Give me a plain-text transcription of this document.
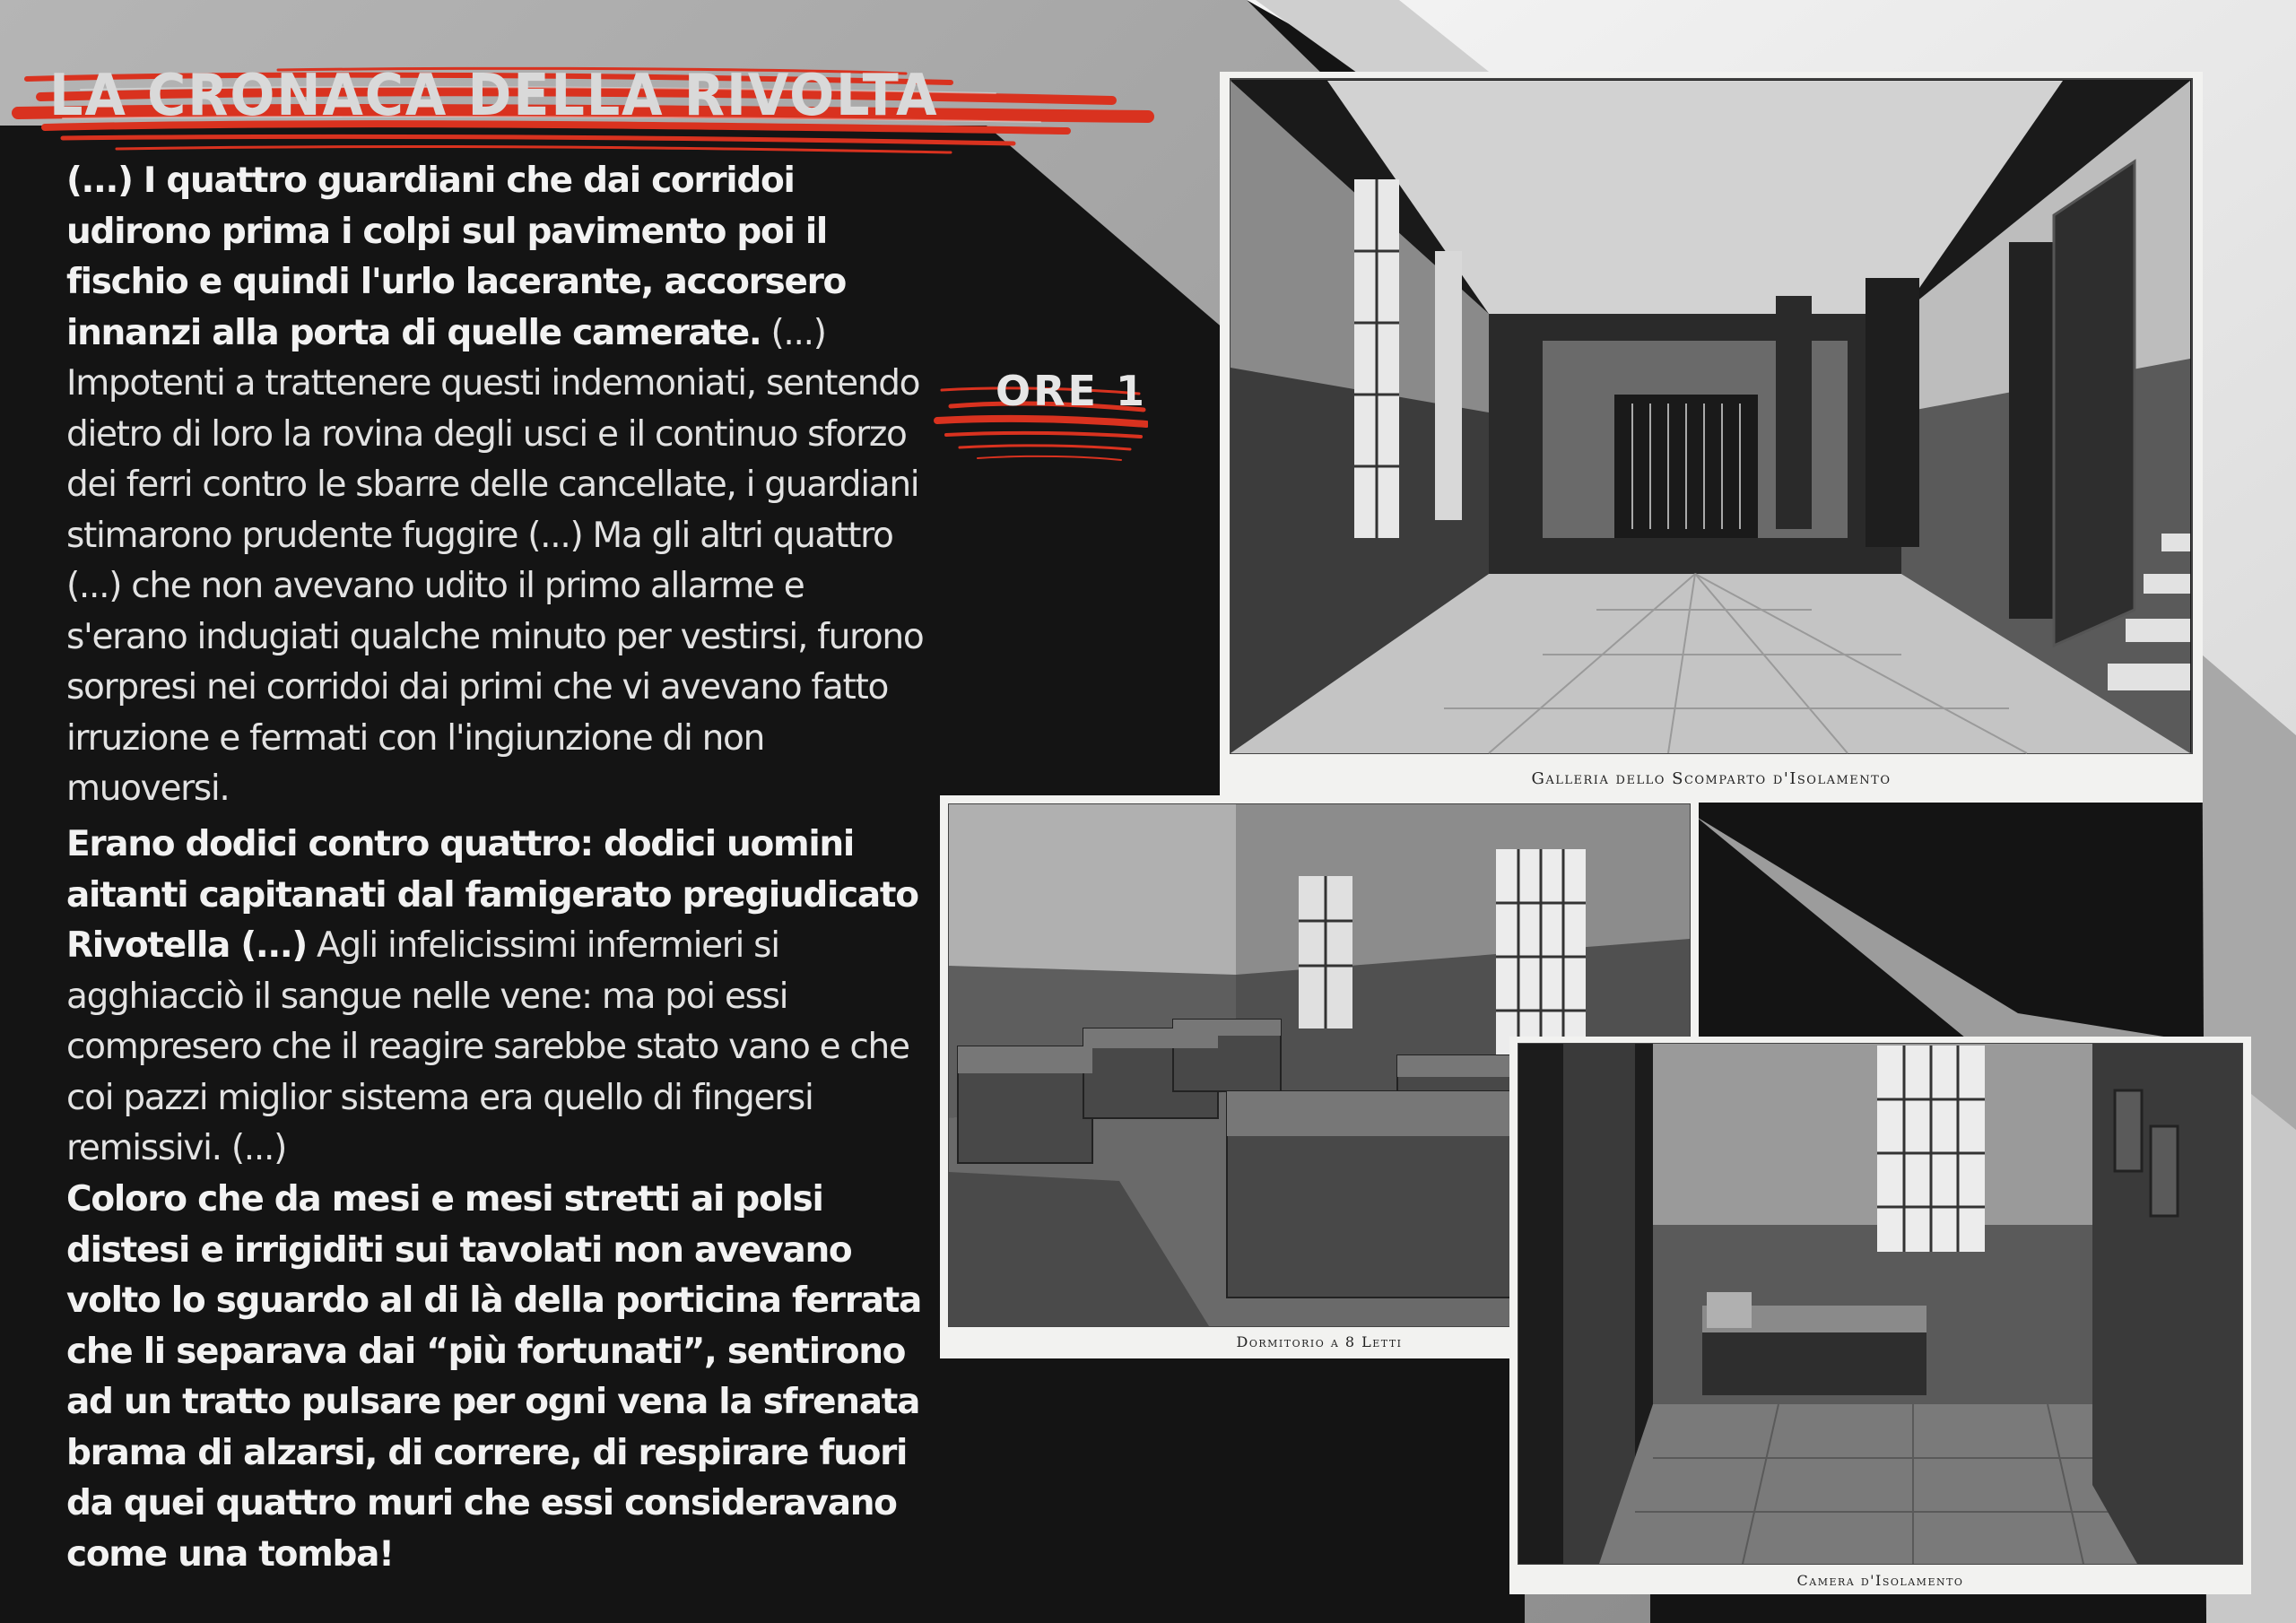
LA CRONACA DELLA RIVOLTA

(...) I quattro guardiani che dai corridoi udirono prima i colpi sul pavimento poi il fischio e quindi l'urlo lacerante, accorsero innanzi alla porta di quelle camerate. (...) Impotenti a trattenere questi indemoniati, sentendo dietro di loro la rovina degli usci e il continuo sforzo dei ferri contro le sbarre delle cancellate, i guardiani stimarono prudente fuggire (...) Ma gli altri quattro (...) che non avevano udito il primo allarme e s'erano indugiati qualche minuto per vestirsi, furono sorpresi nei corridoi dai primi che vi avevano fatto irruzione e fermati con l'ingiunzione di non muoversi.

Erano dodici contro quattro: dodici uomini aitanti capitanati dal famigerato pregiudicato Rivotella (...) Agli infelicissimi infermieri si agghiacciò il sangue nelle vene: ma poi essi compresero che il reagire sarebbe stato vano e che coi pazzi miglior sistema era quello di fingersi remissivi. (...)

Coloro che da mesi e mesi stretti ai polsi distesi e irrigiditi sui tavolati non avevano volto lo sguardo al di là della porticina ferrata che li separava dai “più fortunati”, sentirono ad un tratto pulsare per ogni vena la sfrenata brama di alzarsi, di correre, di respirare fuori da quei quattro muri che essi consideravano come una tomba!

ORE 1
Galleria dello Scomparto d'Isolamento
Dormitorio a 8 Letti
Camera d'Isolamento
